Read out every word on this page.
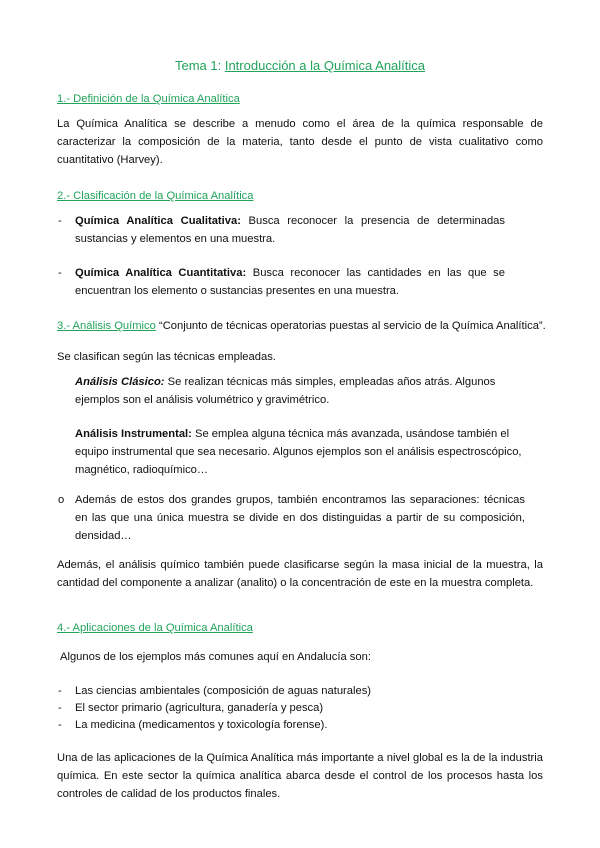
Tema 1: Introducción a la Química Analítica
1.- Definición de la Química Analítica
La Química Analítica se describe a menudo como el área de la química responsable de caracterizar la composición de la materia, tanto desde el punto de vista cualitativo como cuantitativo (Harvey).
2.- Clasificación de la Química Analítica
- Química Analítica Cualitativa: Busca reconocer la presencia de determinadas sustancias y elementos en una muestra.
- Química Analítica Cuantitativa: Busca reconocer las cantidades en las que se encuentran los elemento o sustancias presentes en una muestra.
3.- Análisis Químico “Conjunto de técnicas operatorias puestas al servicio de la Química Analítica”.
Se clasifican según las técnicas empleadas.
Análisis Clásico: Se realizan técnicas más simples, empleadas años atrás. Algunos ejemplos son el análisis volumétrico y gravimétrico.
Análisis Instrumental: Se emplea alguna técnica más avanzada, usándose también el equipo instrumental que sea necesario. Algunos ejemplos son el análisis espectroscópico, magnético, radioquímico…
o Además de estos dos grandes grupos, también encontramos las separaciones: técnicas en las que una única muestra se divide en dos distinguidas a partir de su composición, densidad…
Además, el análisis químico también puede clasificarse según la masa inicial de la muestra, la cantidad del componente a analizar (analito) o la concentración de este en la muestra completa.
4.- Aplicaciones de la Química Analítica
Algunos de los ejemplos más comunes aquí en Andalucía son:
- Las ciencias ambientales (composición de aguas naturales)
- El sector primario (agricultura, ganadería y pesca)
- La medicina (medicamentos y toxicología forense).
Una de las aplicaciones de la Química Analítica más importante a nivel global es la de la industria química. En este sector la química analítica abarca desde el control de los procesos hasta los controles de calidad de los productos finales.
